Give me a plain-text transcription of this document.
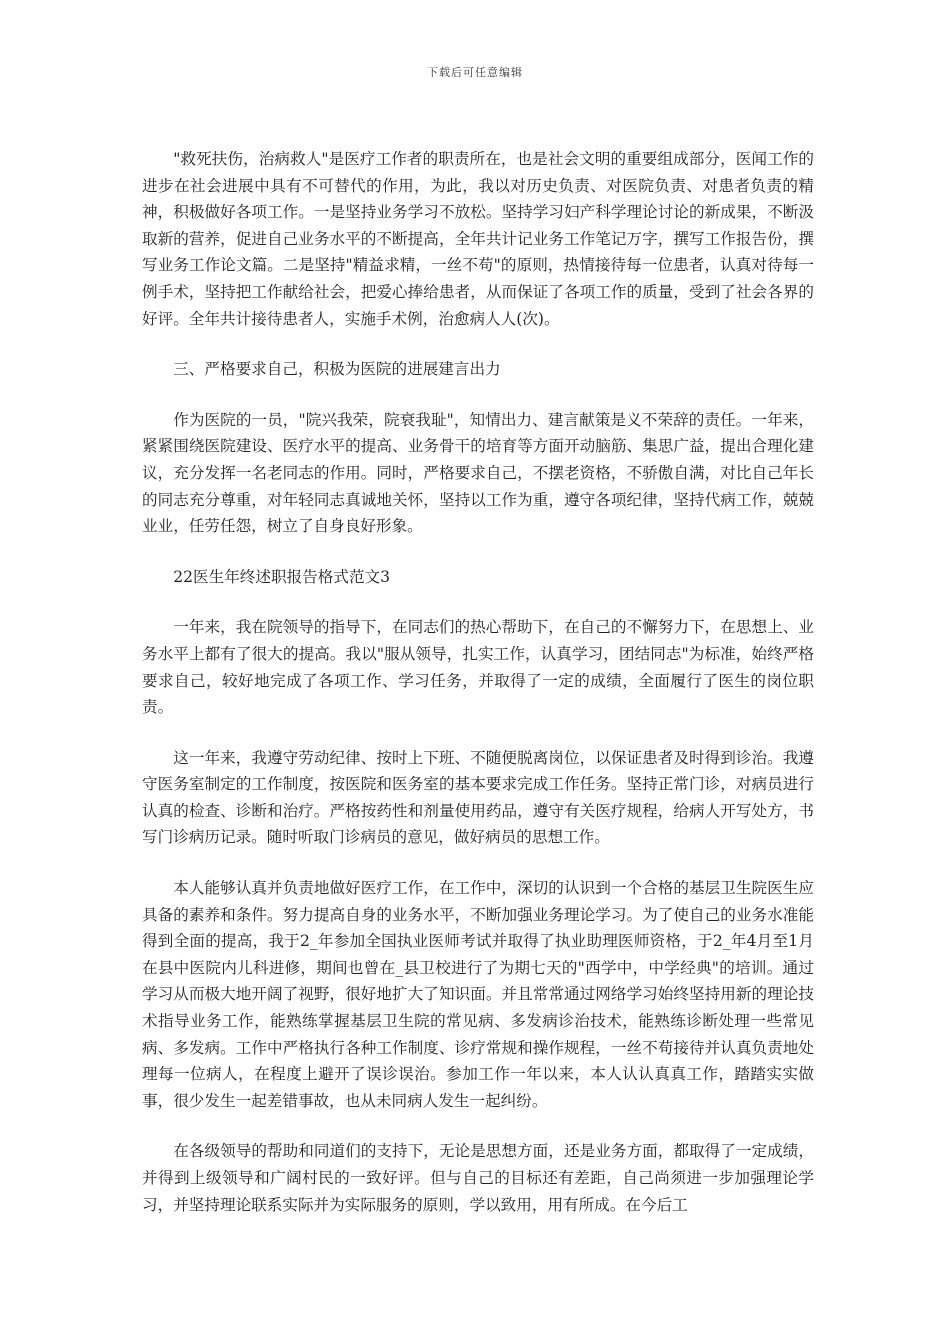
下载后可任意编辑

"救死扶伤，治病救人"是医疗工作者的职责所在，也是社会文明的重要组成部分，医闻工作的进步在社会进展中具有不可替代的作用，为此，我以对历史负责、对医院负责、对患者负责的精神，积极做好各项工作。一是坚持业务学习不放松。坚持学习妇产科学理论讨论的新成果，不断汲取新的营养，促进自己业务水平的不断提高，全年共计记业务工作笔记万字，撰写工作报告份，撰写业务工作论文篇。二是坚持"精益求精，一丝不苟"的原则，热情接待每一位患者，认真对待每一例手术，坚持把工作献给社会，把爱心捧给患者，从而保证了各项工作的质量，受到了社会各界的好评。全年共计接待患者人，实施手术例，治愈病人人(次)。

三、严格要求自己，积极为医院的进展建言出力

作为医院的一员，"院兴我荣，院衰我耻"，知情出力、建言献策是义不荣辞的责任。一年来，紧紧围绕医院建设、医疗水平的提高、业务骨干的培育等方面开动脑筋、集思广益，提出合理化建议，充分发挥一名老同志的作用。同时，严格要求自己，不摆老资格，不骄傲自满，对比自己年长的同志充分尊重，对年轻同志真诚地关怀，坚持以工作为重，遵守各项纪律，坚持代病工作，兢兢业业，任劳任怨，树立了自身良好形象。

22医生年终述职报告格式范文3

一年来，我在院领导的指导下，在同志们的热心帮助下，在自己的不懈努力下，在思想上、业务水平上都有了很大的提高。我以"服从领导，扎实工作，认真学习，团结同志"为标准，始终严格要求自己，较好地完成了各项工作、学习任务，并取得了一定的成绩，全面履行了医生的岗位职责。

这一年来，我遵守劳动纪律、按时上下班、不随便脱离岗位，以保证患者及时得到诊治。我遵守医务室制定的工作制度，按医院和医务室的基本要求完成工作任务。坚持正常门诊，对病员进行认真的检查、诊断和治疗。严格按药性和剂量使用药品，遵守有关医疗规程，给病人开写处方，书写门诊病历记录。随时听取门诊病员的意见，做好病员的思想工作。

本人能够认真并负责地做好医疗工作，在工作中，深切的认识到一个合格的基层卫生院医生应具备的素养和条件。努力提高自身的业务水平，不断加强业务理论学习。为了使自己的业务水准能得到全面的提高，我于2_年参加全国执业医师考试并取得了执业助理医师资格，于2_年4月至1月在县中医院内儿科进修，期间也曾在_县卫校进行了为期七天的"西学中，中学经典"的培训。通过学习从而极大地开阔了视野，很好地扩大了知识面。并且常常通过网络学习始终坚持用新的理论技术指导业务工作，能熟练掌握基层卫生院的常见病、多发病诊治技术，能熟练诊断处理一些常见病、多发病。工作中严格执行各种工作制度、诊疗常规和操作规程，一丝不苟接待并认真负责地处理每一位病人，在程度上避开了误诊误治。参加工作一年以来，本人认认真真工作，踏踏实实做事，很少发生一起差错事故，也从未同病人发生一起纠纷。

在各级领导的帮助和同道们的支持下，无论是思想方面，还是业务方面，都取得了一定成绩，并得到上级领导和广阔村民的一致好评。但与自己的目标还有差距，自己尚须进一步加强理论学习，并坚持理论联系实际并为实际服务的原则，学以致用，用有所成。在今后工
